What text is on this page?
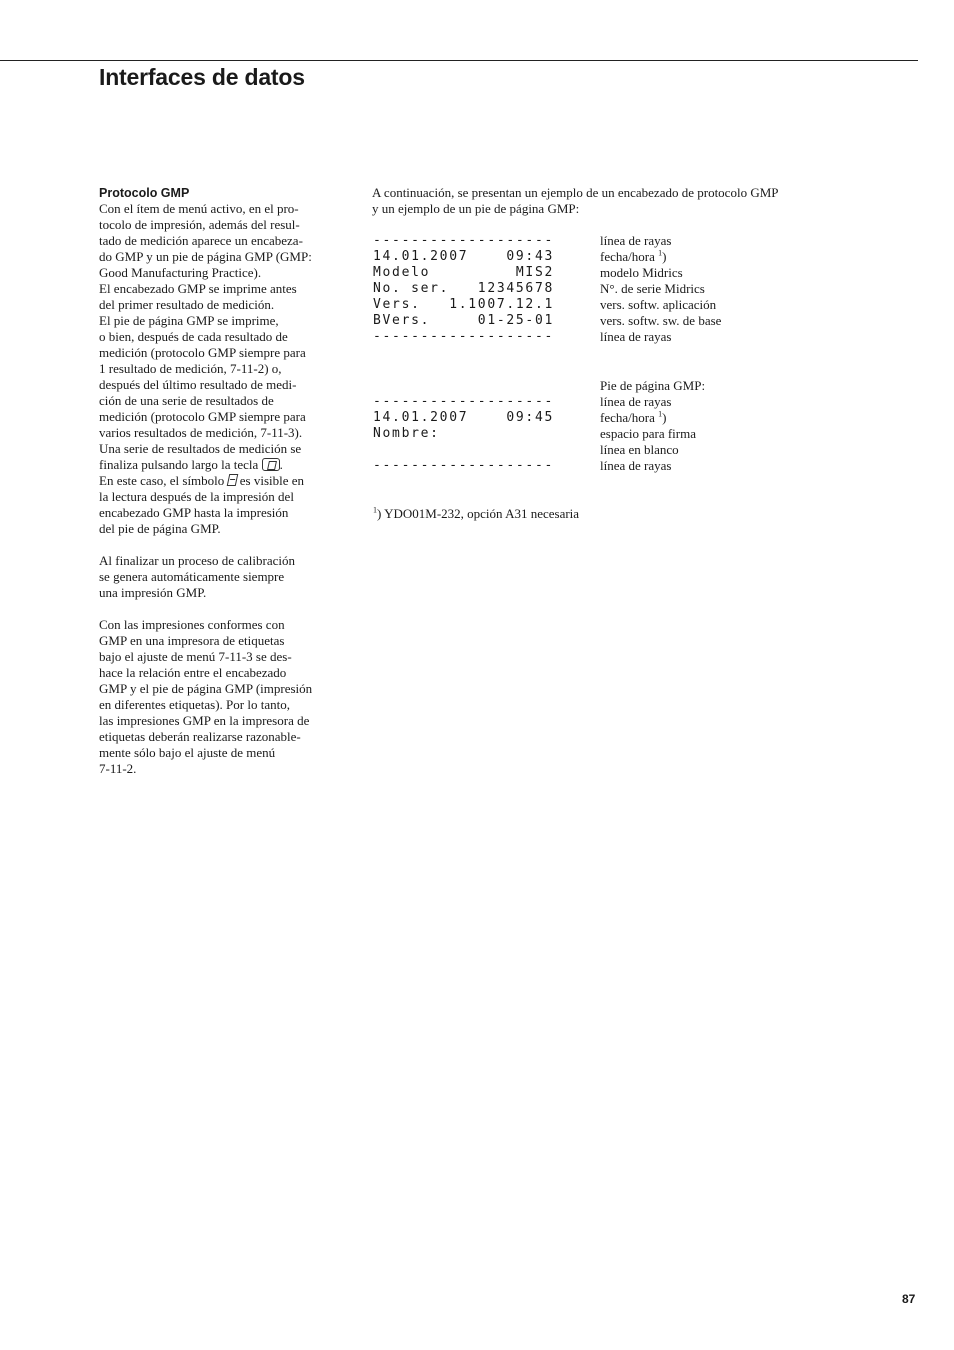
Interfaces de datos
Protocolo GMP
Con el ítem de menú activo, en el pro-
tocolo de impresión, además del resul-
tado de medición aparece un encabeza-
do GMP y un pie de página GMP (GMP:
Good Manufacturing Practice).
El encabezado GMP se imprime antes
del primer resultado de medición.
El pie de página GMP se imprime,
o bien, después de cada resultado de
medición (protocolo GMP siempre para
1 resultado de medición, 7-11-2) o,
después del último resultado de medi-
ción de una serie de resultados de
medición (protocolo GMP siempre para
varios resultados de medición, 7-11-3).
Una serie de resultados de medición se
finaliza pulsando largo la tecla .
En este caso, el símbolo es visible en
la lectura después de la impresión del
encabezado GMP hasta la impresión
del pie de página GMP.
Al finalizar un proceso de calibración
se genera automáticamente siempre
una impresión GMP.
Con las impresiones conformes con
GMP en una impresora de etiquetas
bajo el ajuste de menú 7-11-3 se des-
hace la relación entre el encabezado
GMP y el pie de página GMP (impresión
en diferentes etiquetas). Por lo tanto,
las impresiones GMP en la impresora de
etiquetas deberán realizarse razonable-
mente sólo bajo el ajuste de menú
7-11-2.
A continuación, se presentan un ejemplo de un encabezado de protocolo GMP
y un ejemplo de un pie de página GMP:
-------------------
14.01.2007    09:43
Modelo         MIS2
No. ser.   12345678
Vers.   1.1007.12.1
BVers.     01-25-01
-------------------
línea de rayas
fecha/hora $^1$)
modelo Midrics
N°. de serie Midrics
vers. softw. aplicación
vers. softw. sw. de base
línea de rayas
Pie de página GMP:
-------------------
14.01.2007    09:45
Nombre:
-------------------
línea de rayas
fecha/hora $^1$)
espacio para firma
línea en blanco
línea de rayas
$^1$) YDO01M-232, opción A31 necesaria
87
